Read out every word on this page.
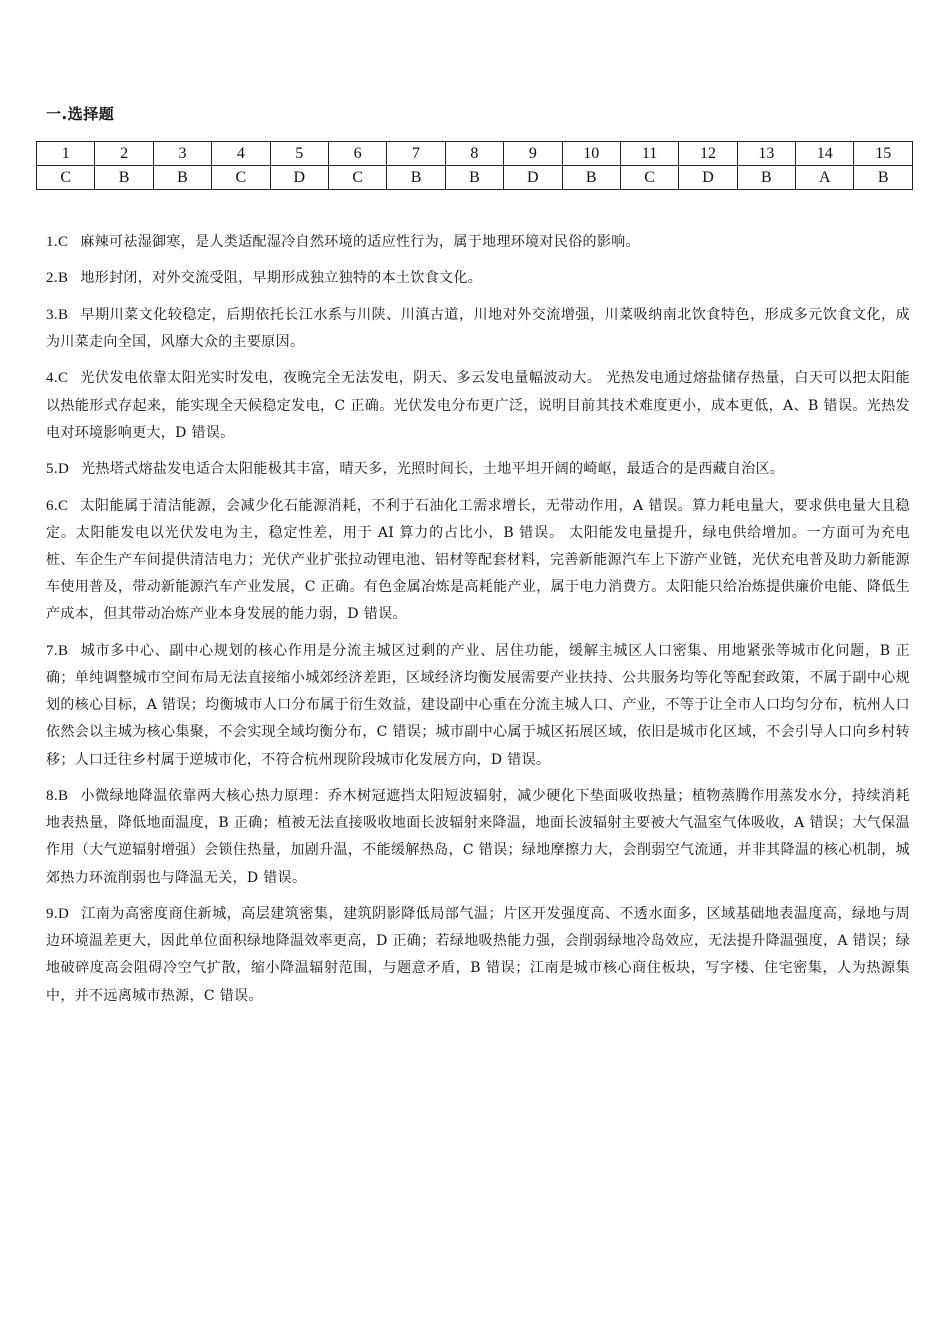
一.选择题
1	2	3	4	5	6	7	8	9	10	11	12	13	14	15
C	B	B	C	D	C	B	B	D	B	C	D	B	A	B

1.C 麻辣可祛湿御寒，是人类适配湿冷自然环境的适应性行为，属于地理环境对民俗的影响。

2.B 地形封闭，对外交流受阻，早期形成独立独特的本土饮食文化。

3.B 早期川菜文化较稳定，后期依托长江水系与川陕、川滇古道，川地对外交流增强，川菜吸纳南北饮食特色，形成多元饮食文化，成为川菜走向全国，风靡大众的主要原因。

4.C 光伏发电依靠太阳光实时发电，夜晚完全无法发电，阴天、多云发电量幅波动大。 光热发电通过熔盐储存热量，白天可以把太阳能以热能形式存起来，能实现全天候稳定发电，C 正确。光伏发电分布更广泛，说明目前其技术难度更小，成本更低，A、B 错误。光热发电对环境影响更大，D 错误。

5.D 光热塔式熔盐发电适合太阳能极其丰富，晴天多，光照时间长，土地平坦开阔的崎岖，最适合的是西藏自治区。

6.C 太阳能属于清洁能源，会减少化石能源消耗，不利于石油化工需求增长，无带动作用，A 错误。算力耗电量大，要求供电量大且稳定。太阳能发电以光伏发电为主，稳定性差，用于 AI 算力的占比小，B 错误。 太阳能发电量提升，绿电供给增加。一方面可为充电桩、车企生产车间提供清洁电力；光伏产业扩张拉动锂电池、铝材等配套材料，完善新能源汽车上下游产业链，光伏充电普及助力新能源车使用普及，带动新能源汽车产业发展，C 正确。有色金属冶炼是高耗能产业，属于电力消费方。太阳能只给冶炼提供廉价电能、降低生产成本，但其带动冶炼产业本身发展的能力弱，D 错误。

7.B 城市多中心、副中心规划的核心作用是分流主城区过剩的产业、居住功能，缓解主城区人口密集、用地紧张等城市化问题，B 正确；单纯调整城市空间布局无法直接缩小城郊经济差距，区域经济均衡发展需要产业扶持、公共服务均等化等配套政策，不属于副中心规划的核心目标，A 错误；均衡城市人口分布属于衍生效益，建设副中心重在分流主城人口、产业，不等于让全市人口均匀分布，杭州人口依然会以主城为核心集聚，不会实现全域均衡分布，C 错误；城市副中心属于城区拓展区域，依旧是城市化区域，不会引导人口向乡村转移；人口迁往乡村属于逆城市化，不符合杭州现阶段城市化发展方向，D 错误。

8.B 小微绿地降温依靠两大核心热力原理：乔木树冠遮挡太阳短波辐射，减少硬化下垫面吸收热量；植物蒸腾作用蒸发水分，持续消耗地表热量，降低地面温度，B 正确；植被无法直接吸收地面长波辐射来降温，地面长波辐射主要被大气温室气体吸收，A 错误；大气保温作用（大气逆辐射增强）会锁住热量，加剧升温，不能缓解热岛，C 错误；绿地摩擦力大，会削弱空气流通，并非其降温的核心机制，城郊热力环流削弱也与降温无关，D 错误。

9.D 江南为高密度商住新城，高层建筑密集，建筑阴影降低局部气温；片区开发强度高、不透水面多，区域基础地表温度高，绿地与周边环境温差更大，因此单位面积绿地降温效率更高，D 正确；若绿地吸热能力强，会削弱绿地冷岛效应，无法提升降温强度，A 错误；绿地破碎度高会阻碍冷空气扩散，缩小降温辐射范围，与题意矛盾，B 错误；江南是城市核心商住板块，写字楼、住宅密集，人为热源集中，并不远离城市热源，C 错误。
